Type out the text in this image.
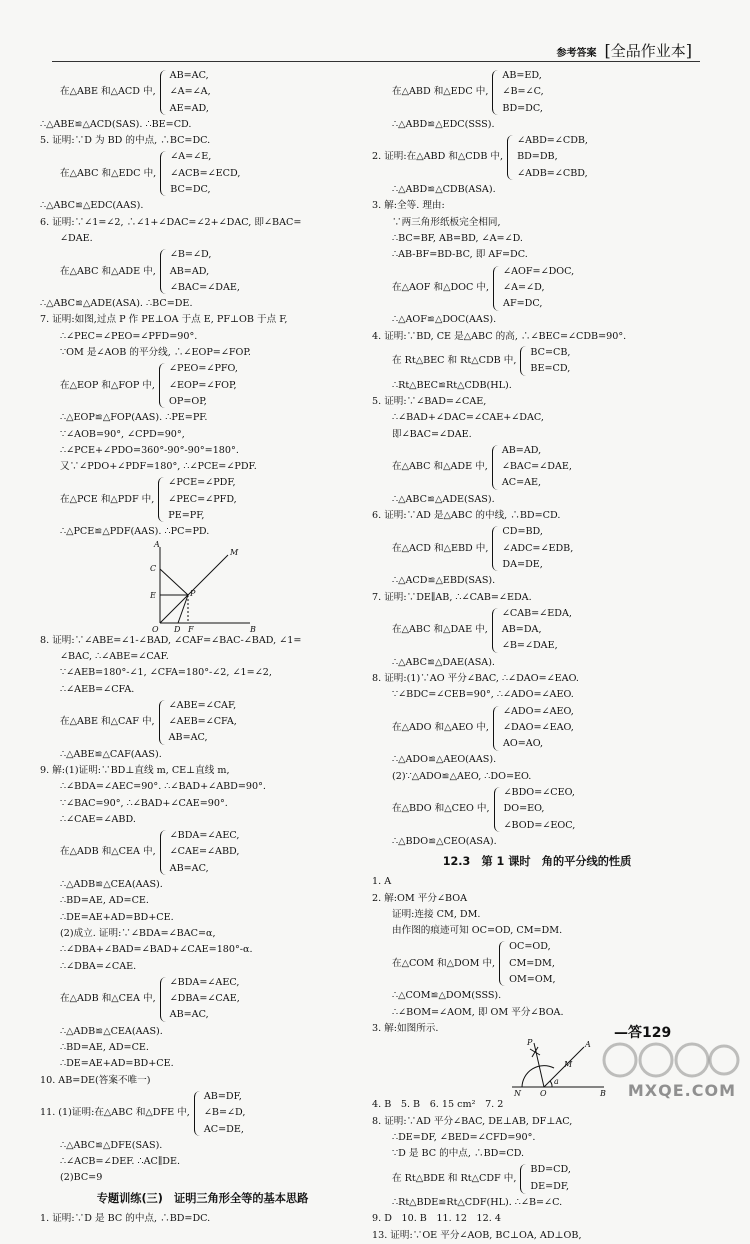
参考答案 [全品作业本]
在△ABE 和△ACD 中,
AB=AC,
∠A=∠A,
AE=AD,
∴△ABE≌△ACD(SAS). ∴BE=CD.
5. 证明:∵D 为 BD 的中点, ∴BC=DC.
在△ABC 和△EDC 中,
∠A=∠E,
∠ACB=∠ECD,
BC=DC,
∴△ABC≌△EDC(AAS).
6. 证明:∵∠1=∠2, ∴∠1+∠DAC=∠2+∠DAC, 即∠BAC=
∠DAE.
在△ABC 和△ADE 中,
∠B=∠D,
AB=AD,
∠BAC=∠DAE,
∴△ABC≌△ADE(ASA). ∴BC=DE.
7. 证明:如图,过点 P 作 PE⊥OA 于点 E, PF⊥OB 于点 F,
∴∠PEC=∠PEO=∠PFD=90°.
∵OM 是∠AOB 的平分线, ∴∠EOP=∠FOP.
在△EOP 和△FOP 中,
∠PEO=∠PFO,
∠EOP=∠FOP,
OP=OP,
∴△EOP≌△FOP(AAS). ∴PE=PF.
∵∠AOB=90°, ∠CPD=90°,
∴∠PCE+∠PDO=360°-90°-90°=180°.
又∵∠PDO+∠PDF=180°, ∴∠PCE=∠PDF.
在△PCE 和△PDF 中,
∠PCE=∠PDF,
∠PEC=∠PFD,
PE=PF,
∴△PCE≌△PDF(AAS). ∴PC=PD.
A
M
C
E	P
O D F	B
8. 证明:∵∠ABE=∠1-∠BAD, ∠CAF=∠BAC-∠BAD, ∠1=
∠BAC, ∴∠ABE=∠CAF.
∵∠AEB=180°-∠1, ∠CFA=180°-∠2, ∠1=∠2,
∴∠AEB=∠CFA.
在△ABE 和△CAF 中,
∠ABE=∠CAF,
∠AEB=∠CFA,
AB=AC,
∴△ABE≌△CAF(AAS).
9. 解:(1)证明:∵BD⊥直线 m, CE⊥直线 m,
∴∠BDA=∠AEC=90°. ∴∠BAD+∠ABD=90°.
∵∠BAC=90°, ∴∠BAD+∠CAE=90°.
∴∠CAE=∠ABD.
在△ADB 和△CEA 中,
∠BDA=∠AEC,
∠CAE=∠ABD,
AB=AC,
∴△ADB≌△CEA(AAS).
∴BD=AE, AD=CE.
∴DE=AE+AD=BD+CE.
(2)成立. 证明:∵∠BDA=∠BAC=α,
∴∠DBA+∠BAD=∠BAD+∠CAE=180°-α.
∴∠DBA=∠CAE.
在△ADB 和△CEA 中,
∠BDA=∠AEC,
∠DBA=∠CAE,
AB=AC,
∴△ADB≌△CEA(AAS).
∴BD=AE, AD=CE.
∴DE=AE+AD=BD+CE.
10. AB=DE(答案不唯一)
11. (1)证明:在△ABC 和△DFE 中,
AB=DF,
∠B=∠D,
AC=DE,
∴△ABC≌△DFE(SAS).
∴∠ACB=∠DEF. ∴AC∥DE.
(2)BC=9
专题训练(三)　证明三角形全等的基本思路
1. 证明:∵D 是 BC 的中点, ∴BD=DC.
在△ABD 和△EDC 中,
AB=ED,
∠B=∠C,
BD=DC,
∴△ABD≌△EDC(SSS).
2. 证明:在△ABD 和△CDB 中,
∠ABD=∠CDB,
BD=DB,
∠ADB=∠CBD,
∴△ABD≌△CDB(ASA).
3. 解:全等. 理由:
∵两三角形纸板完全相同,
∴BC=BF, AB=BD, ∠A=∠D.
∴AB-BF=BD-BC, 即 AF=DC.
在△AOF 和△DOC 中,
∠AOF=∠DOC,
∠A=∠D,
AF=DC,
∴△AOF≌△DOC(AAS).
4. 证明:∵BD, CE 是△ABC 的高, ∴∠BEC=∠CDB=90°.
在 Rt△BEC 和 Rt△CDB 中,
BC=CB,
BE=CD,
∴Rt△BEC≌Rt△CDB(HL).
5. 证明:∵∠BAD=∠CAE,
∴∠BAD+∠DAC=∠CAE+∠DAC,
即∠BAC=∠DAE.
在△ABC 和△ADE 中,
AB=AD,
∠BAC=∠DAE,
AC=AE,
∴△ABC≌△ADE(SAS).
6. 证明:∵AD 是△ABC 的中线, ∴BD=CD.
在△ACD 和△EBD 中,
CD=BD,
∠ADC=∠EDB,
DA=DE,
∴△ACD≌△EBD(SAS).
7. 证明:∵DE∥AB, ∴∠CAB=∠EDA.
在△ABC 和△DAE 中,
∠CAB=∠EDA,
AB=DA,
∠B=∠DAE,
∴△ABC≌△DAE(ASA).
8. 证明:(1)∵AO 平分∠BAC, ∴∠DAO=∠EAO.
∵∠BDC=∠CEB=90°, ∴∠ADO=∠AEO.
在△ADO 和△AEO 中,
∠ADO=∠AEO,
∠DAO=∠EAO,
AO=AO,
∴△ADO≌△AEO(AAS).
(2)∵△ADO≌△AEO, ∴DO=EO.
在△BDO 和△CEO 中,
∠BDO=∠CEO,
DO=EO,
∠BOD=∠EOC,
∴△BDO≌△CEO(ASA).
12.3　第 1 课时　角的平分线的性质
1. A
2. 解:OM 平分∠BOA
证明:连接 CM, DM.
由作图的痕迹可知 OC=OD, CM=DM.
在△COM 和△DOM 中,
OC=OD,
CM=DM,
OM=OM,
∴△COM≌△DOM(SSS).
∴∠BOM=∠AOM, 即 OM 平分∠BOA.
3. 解:如图所示.
P	A
M
N O
a
B
4. B　5. B　6. 15 cm²　7. 2
8. 证明:∵AD 平分∠BAC, DE⊥AB, DF⊥AC,
∴DE=DF, ∠BED=∠CFD=90°.
∵D 是 BC 的中点, ∴BD=CD.
在 Rt△BDE 和 Rt△CDF 中,
BD=CD,
DE=DF,
∴Rt△BDE≌Rt△CDF(HL). ∴∠B=∠C.
9. D　10. B　11. 12　12. 4
13. 证明:∵OE 平分∠AOB, BC⊥OA, AD⊥OB,
—答129
MXQE.COM
